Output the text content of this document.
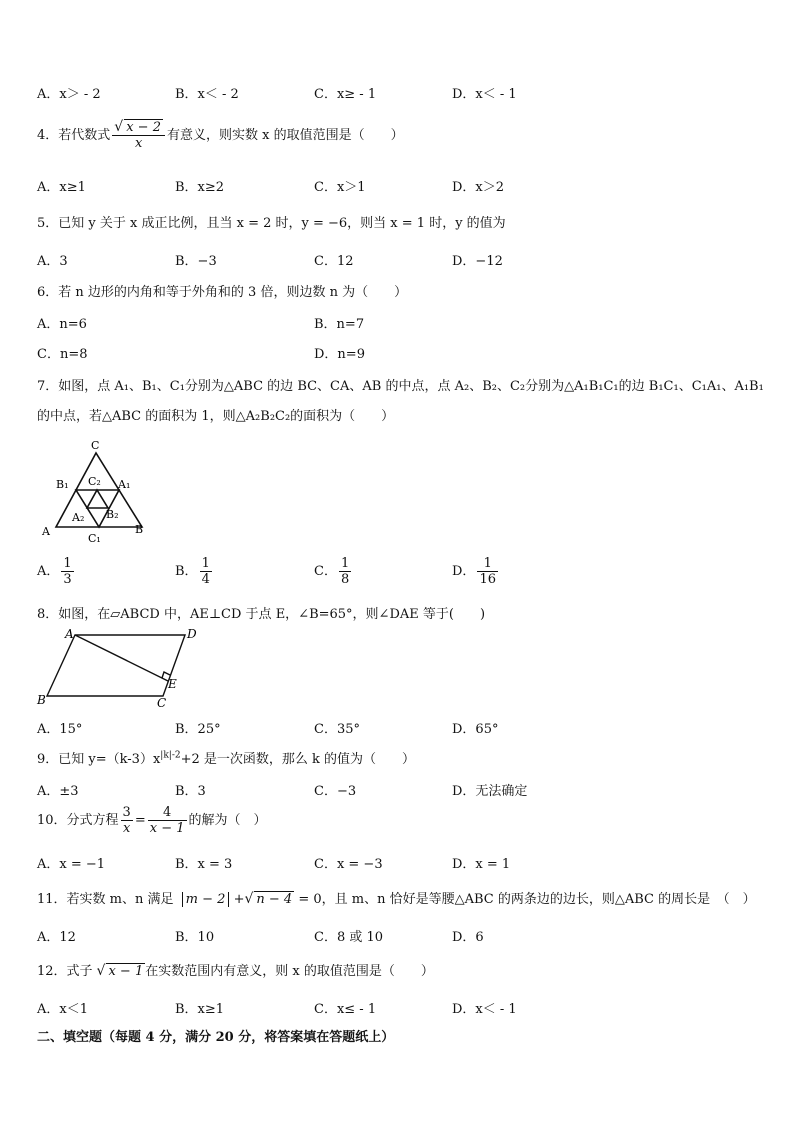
A．x＞ - 2	B．x＜ - 2	C．x≥ - 1	D．x＜ - 1
4．若代数式 $\frac{√ x - 2}{x}$ 有意义，则实数 x 的取值范围是（　　）
A．x≥1	B．x≥2	C．x＞1	D．x＞2
5．已知 y 关于 x 成正比例，且当 x = 2 时，y = −6，则当 x = 1 时，y 的值为
A．3	B．−3	C．12	D．−12
6．若 n 边形的内角和等于外角和的 3 倍，则边数 n 为（　　）
A．n=6	B．n=7
C．n=8	D．n=9
7．如图，点 A₁、B₁、C₁分别为△ABC 的边 BC、CA、AB 的中点，点 A₂、B₂、C₂分别为△A₁B₁C₁的边 B₁C₁、C₁A₁、A₁B₁
的中点，若△ABC 的面积为 1，则△A₂B₂C₂的面积为（　　）
C
B₁ C₂ A₁
A₂ B₂
A	B
C₁
A． $\frac{1}{3}$	B． $\frac{1}{4}$	C． $\frac{1}{8}$	D． $\frac{1}{16}$
8．如图，在▱ABCD 中，AE⊥CD 于点 E，∠B=65°，则∠DAE 等于(　　)
A	D
B	C
E
A．15°	B．25°	C．35°	D．65°
9．已知 $y=(k-3)x^{|k|-2}+2$ 是一次函数，那么 k 的值为（　　）
A．±3	B．3	C．−3	D．无法确定
10．分式方程 $\frac{3}{x} = \frac{4}{x - 1}$ 的解为（　）
A．x = −1	B．x = 3	C．x = −3	D．x = 1
11．若实数 m、n 满足 m − 2 +√ n − 4 = 0，且 m、n 恰好是等腰△ABC 的两条边的边长，则△ABC 的周长是　（　）
A．12	B．10	C．8 或 10	D．6
12．式子 √ x − 1 在实数范围内有意义，则 x 的取值范围是（　　）
A．x＜1	B．x≥1	C．x≤ - 1	D．x＜ - 1
二、填空题（每题 4 分，满分 20 分，将答案填在答题纸上）
